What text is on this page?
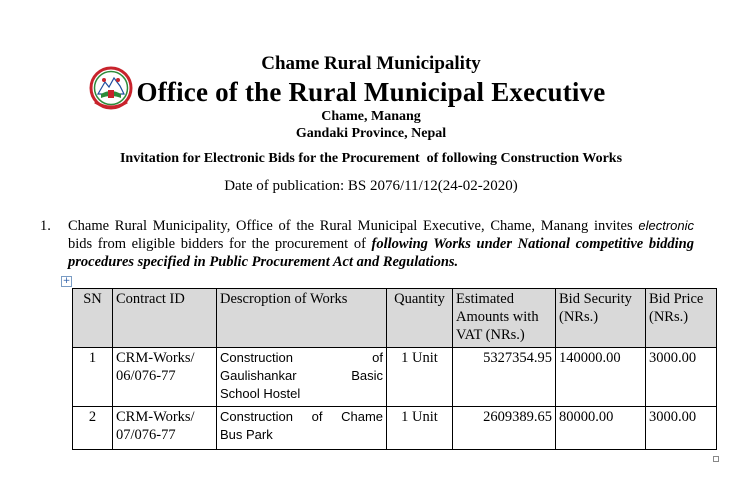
Chame Rural Municipality
Office of the Rural Municipal Executive
Chame, Manang
Gandaki Province, Nepal
Invitation for Electronic Bids for the Procurement  of following Construction Works
Date of publication: BS 2076/11/12(24-02-2020)
1. Chame Rural Municipality, Office of the Rural Municipal Executive, Chame, Manang invites electronic bids from eligible bidders for the procurement of following Works under National competitive bidding procedures specified in Public Procurement Act and Regulations.
+
SN	Contract ID	Descroption of Works	Quantity	Estimated Amounts with VAT (NRs.)	Bid Security (NRs.)	Bid Price (NRs.)
1	CRM-Works/ 06/076-77	Construction of
Gaulishankar Basic
School Hostel	1 Unit	5327354.95	140000.00	3000.00
2	CRM-Works/ 07/076-77	Construction of Chame
Bus Park	1 Unit	2609389.65	80000.00	3000.00
